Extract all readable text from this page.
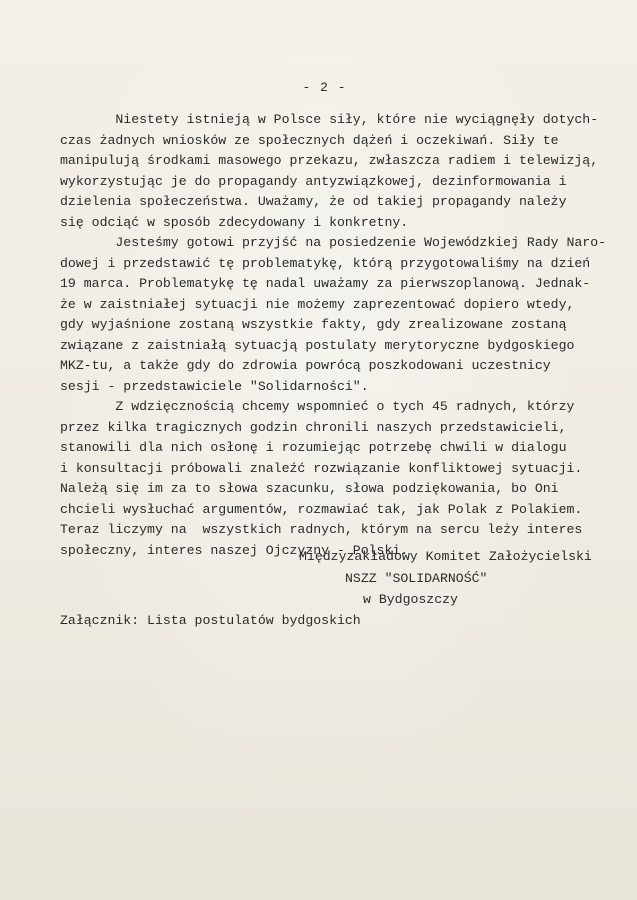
- 2 -
Niestety istnieją w Polsce siły, które nie wyciągnęły dotych-
czas żadnych wniosków ze społecznych dążeń i oczekiwań. Siły te
manipulują środkami masowego przekazu, zwłaszcza radiem i telewizją,
wykorzystując je do propagandy antyzwiązkowej, dezinformowania i
dzielenia społeczeństwa. Uważamy, że od takiej propagandy należy
się odciąć w sposób zdecydowany i konkretny.
Jesteśmy gotowi przyjść na posiedzenie Wojewódzkiej Rady Naro-
dowej i przedstawić tę problematykę, którą przygotowaliśmy na dzień
19 marca. Problematykę tę nadal uważamy za pierwszoplanową. Jednak-
że w zaistniałej sytuacji nie możemy zaprezentować dopiero wtedy,
gdy wyjaśnione zostaną wszystkie fakty, gdy zrealizowane zostaną
związane z zaistniałą sytuacją postulaty merytoryczne bydgoskiego
MKZ-tu, a także gdy do zdrowia powrócą poszkodowani uczestnicy
sesji - przedstawiciele "Solidarności".
Z wdzięcznością chcemy wspomnieć o tych 45 radnych, którzy
przez kilka tragicznych godzin chronili naszych przedstawicieli,
stanowili dla nich osłonę i rozumiejąc potrzebę chwili w dialogu
i konsultacji próbowali znaleźć rozwiązanie konfliktowej sytuacji.
Należą się im za to słowa szacunku, słowa podziękowania, bo Oni
chcieli wysłuchać argumentów, rozmawiać tak, jak Polak z Polakiem.
Teraz liczymy na  wszystkich radnych, którym na sercu leży interes
społeczny, interes naszej Ojczyzny - Polski.
Międzyzakładowy Komitet Założycielski
NSZZ "SOLIDARNOŚĆ"
w Bydgoszczy
Załącznik: Lista postulatów bydgoskich
